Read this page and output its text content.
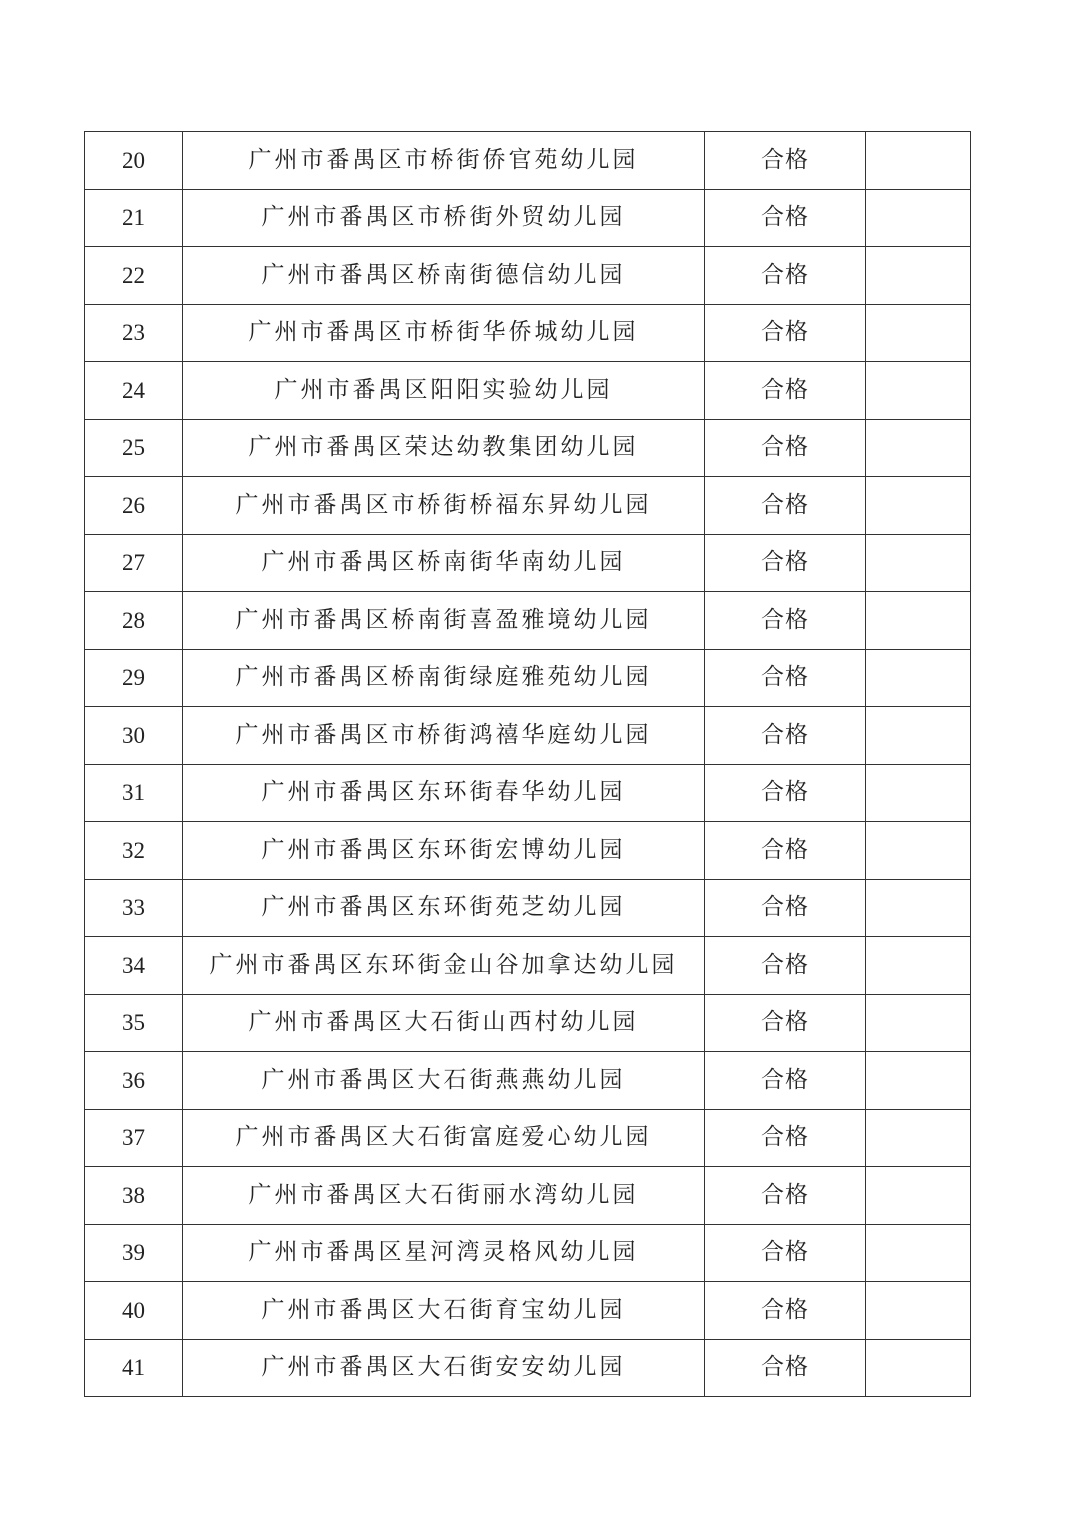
20	广州市番禺区市桥街侨官苑幼儿园	合格	
21	广州市番禺区市桥街外贸幼儿园	合格	
22	广州市番禺区桥南街德信幼儿园	合格	
23	广州市番禺区市桥街华侨城幼儿园	合格	
24	广州市番禺区阳阳实验幼儿园	合格	
25	广州市番禺区荣达幼教集团幼儿园	合格	
26	广州市番禺区市桥街桥福东昇幼儿园	合格	
27	广州市番禺区桥南街华南幼儿园	合格	
28	广州市番禺区桥南街喜盈雅境幼儿园	合格	
29	广州市番禺区桥南街绿庭雅苑幼儿园	合格	
30	广州市番禺区市桥街鸿禧华庭幼儿园	合格	
31	广州市番禺区东环街春华幼儿园	合格	
32	广州市番禺区东环街宏博幼儿园	合格	
33	广州市番禺区东环街苑芝幼儿园	合格	
34	广州市番禺区东环街金山谷加拿达幼儿园	合格	
35	广州市番禺区大石街山西村幼儿园	合格	
36	广州市番禺区大石街燕燕幼儿园	合格	
37	广州市番禺区大石街富庭爱心幼儿园	合格	
38	广州市番禺区大石街丽水湾幼儿园	合格	
39	广州市番禺区星河湾灵格风幼儿园	合格	
40	广州市番禺区大石街育宝幼儿园	合格	
41	广州市番禺区大石街安安幼儿园	合格	
